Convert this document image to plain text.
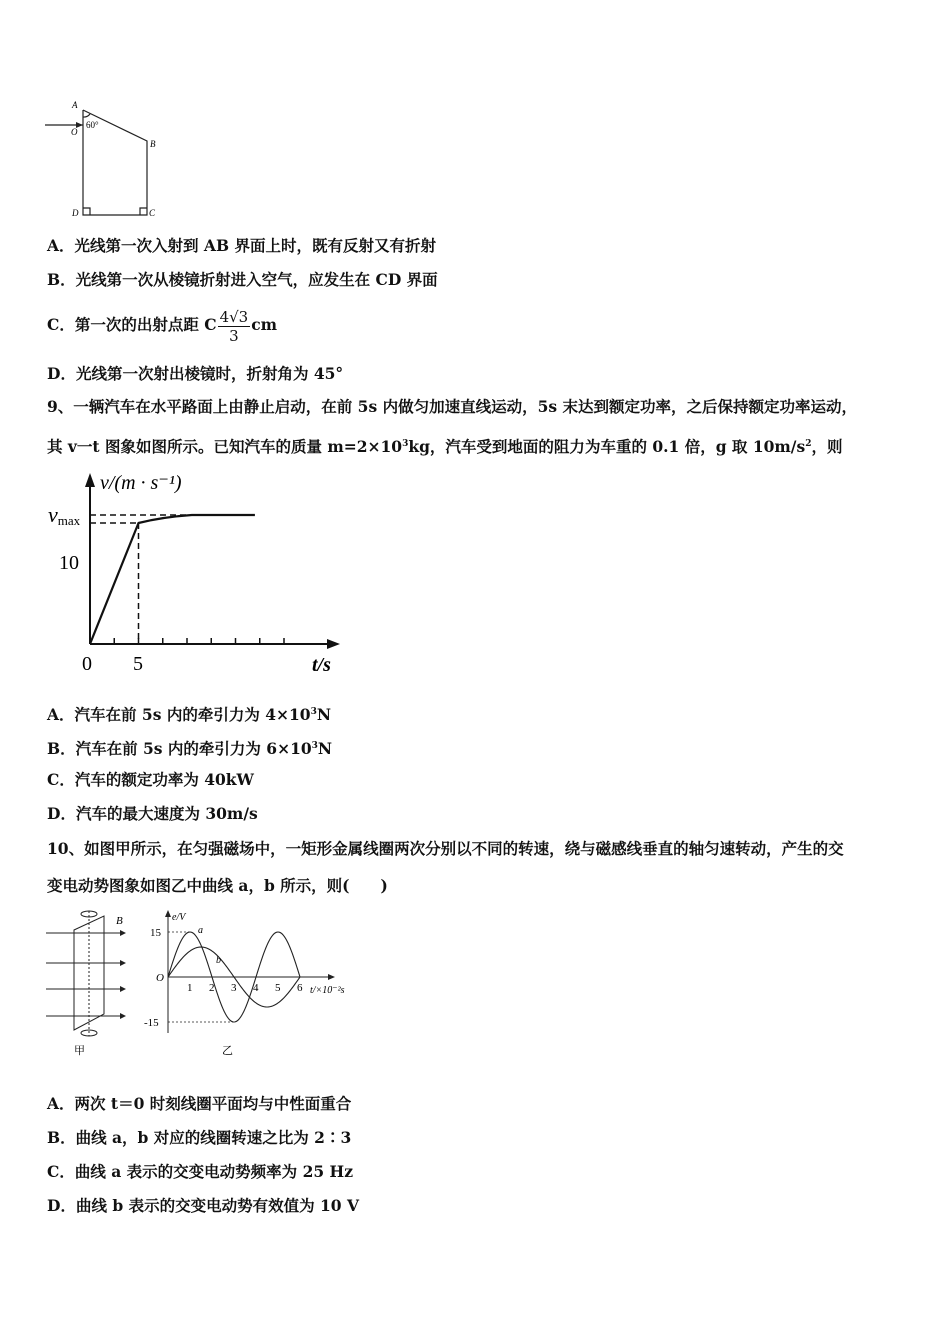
A
O
60°
B
D	C
A．光线第一次入射到 AB 界面上时，既有反射又有折射
B．光线第一次从棱镜折射进入空气，应发生在 CD 界面
C．第一次的出射点距 C $\frac{4√3}{3}$ cm
D．光线第一次射出棱镜时，折射角为 45°
9、一辆汽车在水平路面上由静止启动，在前 5s 内做匀加速直线运动，5s 末达到额定功率，之后保持额定功率运动，
其 v一t 图象如图所示。已知汽车的质量 $m=2\times 10^3kg$，汽车受到地面的阻力为车重的 0.1 倍，g 取 $10m/s^2$，则
v/(m · s⁻¹)
t/s
10
vmax
0 5
A．汽车在前 5s 内的牵引力为 $4\times 10^3N$
B．汽车在前 5s 内的牵引力为 $6\times 10^3N$
C．汽车的额定功率为 40kW
D．汽车的最大速度为 30m/s
10、如图甲所示，在匀强磁场中，一矩形金属线圈两次分别以不同的转速，绕与磁感线垂直的轴匀速转动，产生的交
变电动势图象如图乙中曲线 a，b 所示，则(　　)
B
甲
1 2 3 4 5 6
e/V
15
O
-15
a
b
t/×10⁻²s
乙
A．两次 t＝0 时刻线圈平面均与中性面重合
B．曲线 a，b 对应的线圈转速之比为 2∶3
C．曲线 a 表示的交变电动势频率为 25 Hz
D．曲线 b 表示的交变电动势有效值为 10 V
